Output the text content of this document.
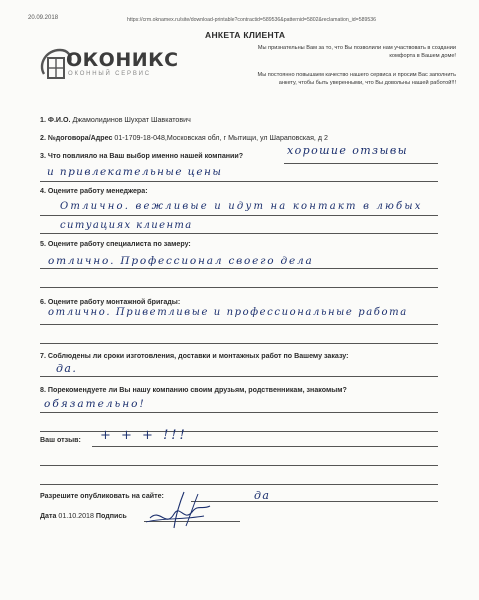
20.09.2018	https://crm.oknamex.ru/site/download-printable?contractid=589536&patternid=5802&reclamation_id=589536
АНКЕТА КЛИЕНТА
ОКОНИКС
ОКОННЫЙ СЕРВИС
Мы признательны Вам за то, что Вы позволили нам участвовать в создании комфорта в Вашем доме!
Мы постоянно повышаем качество нашего сервиса и просим Вас заполнить анкету, чтобы быть уверенными, что Вы довольны нашей работой!!!
1. Ф.И.О. Джамолидинов Шухрат Шавкатович
2. №договора/Адрес 01-1709-18-048,Московская обл, г Мытищи, ул Шараповская, д 2
3. Что повлияло на Ваш выбор именно нашей компании?	хорошие отзывы
и привлекательные цены
4. Оцените работу менеджера:
Отлично. вежливые и идут на контакт в любых
ситуациях клиента
5. Оцените работу специалиста по замеру:
отлично. Профессионал своего дела
6. Оцените работу монтажной бригады:
отлично. Приветливые и профессиональные работа
7. Соблюдены ли сроки изготовления, доставки и монтажных работ по Вашему заказу:
да.
8. Порекомендуете ли Вы нашу компанию своим друзьям, родственникам, знакомым?
обязательно!
Ваш отзыв: + + + !!!
Разрешите опубликовать на сайте:	да
Дата 01.10.2018 Подпись
